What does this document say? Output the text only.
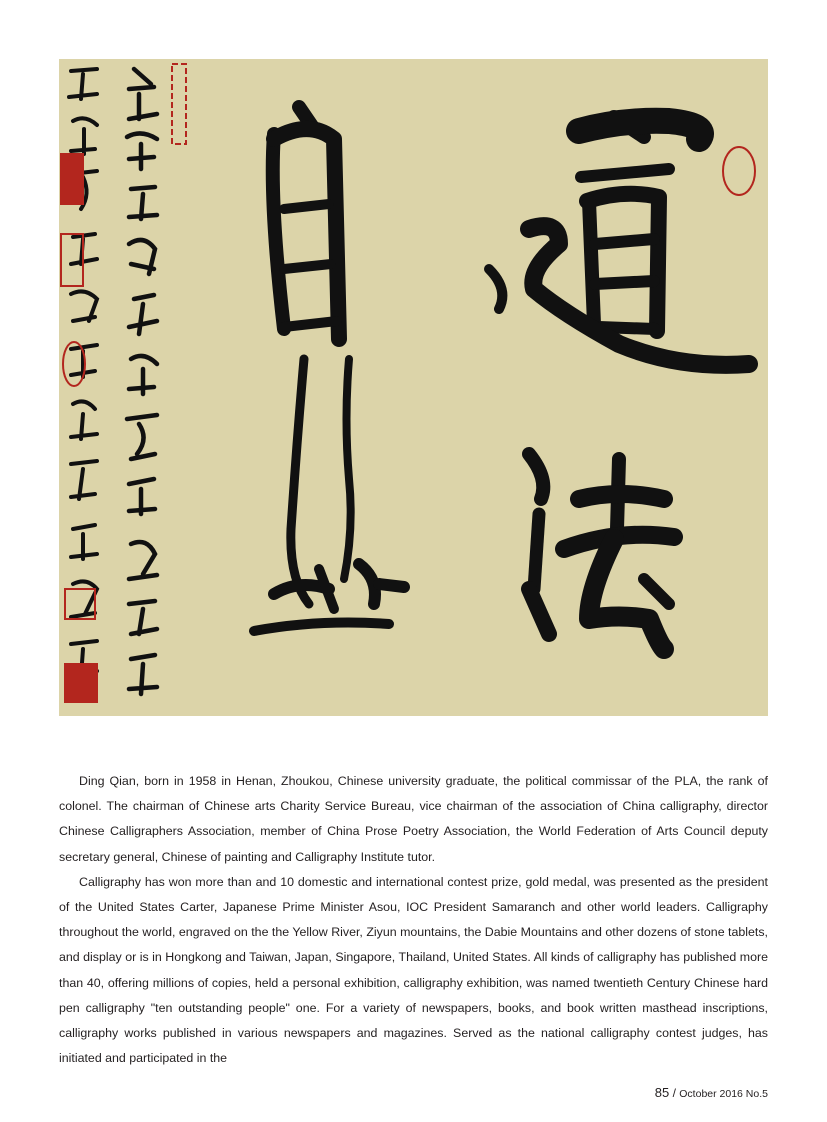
Ding Qian, born in 1958 in Henan, Zhoukou, Chinese university graduate, the political commissar of the PLA, the rank of colonel. The chairman of Chinese arts Charity Service Bureau, vice chairman of the association of China calligraphy, director Chinese Calligraphers Association, member of China Prose Poetry Association, the World Federation of Arts Council deputy secretary general, Chinese of painting and Calligraphy Institute tutor.

Calligraphy has won more than and 10 domestic and international contest prize, gold medal, was presented as the president of the United States Carter, Japanese Prime Minister Asou, IOC President Samaranch and other world leaders. Calligraphy throughout the world, engraved on the the Yellow River, Ziyun mountains, the Dabie Mountains and other dozens of stone tablets, and display or is in Hongkong and Taiwan, Japan, Singapore, Thailand, United States. All kinds of calligraphy has published more than 40, offering millions of copies, held a personal exhibition, calligraphy exhibition, was named twentieth Century Chinese hard pen calligraphy "ten outstanding people" one. For a variety of newspapers, books, and book written masthead inscriptions, calligraphy works published in various newspapers and magazines. Served as the national calligraphy contest judges, has initiated and participated in the

85 / October 2016 No.5
